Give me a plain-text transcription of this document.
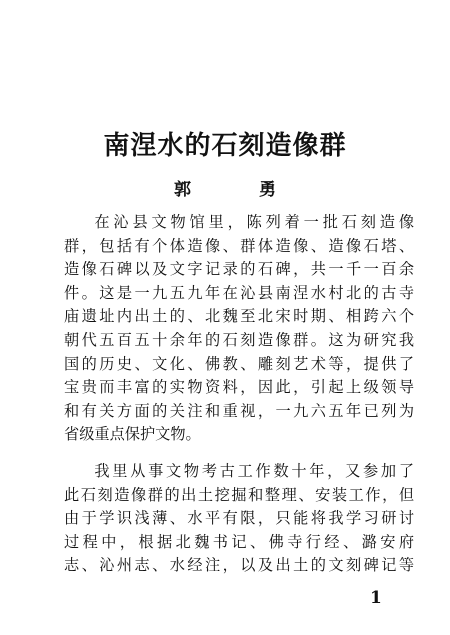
南涅水的石刻造像群
郭 勇
在沁县文物馆里，陈列着一批石刻造像
群，包括有个体造像、群体造像、造像石塔、
造像石碑以及文字记录的石碑，共一千一百余
件。这是一九五九年在沁县南涅水村北的古寺
庙遗址内出土的、北魏至北宋时期、相跨六个
朝代五百五十余年的石刻造像群。这为研究我
国的历史、文化、佛教、雕刻艺术等，提供了
宝贵而丰富的实物资料，因此，引起上级领导
和有关方面的关注和重视，一九六五年已列为
省级重点保护文物。
我里从事文物考古工作数十年，又参加了
此石刻造像群的出土挖掘和整理、安装工作，但
由于学识浅薄、水平有限，只能将我学习研讨
过程中，根据北魏书记、佛寺行经、潞安府
志、沁州志、水经注，以及出土的文刻碑记等
1
